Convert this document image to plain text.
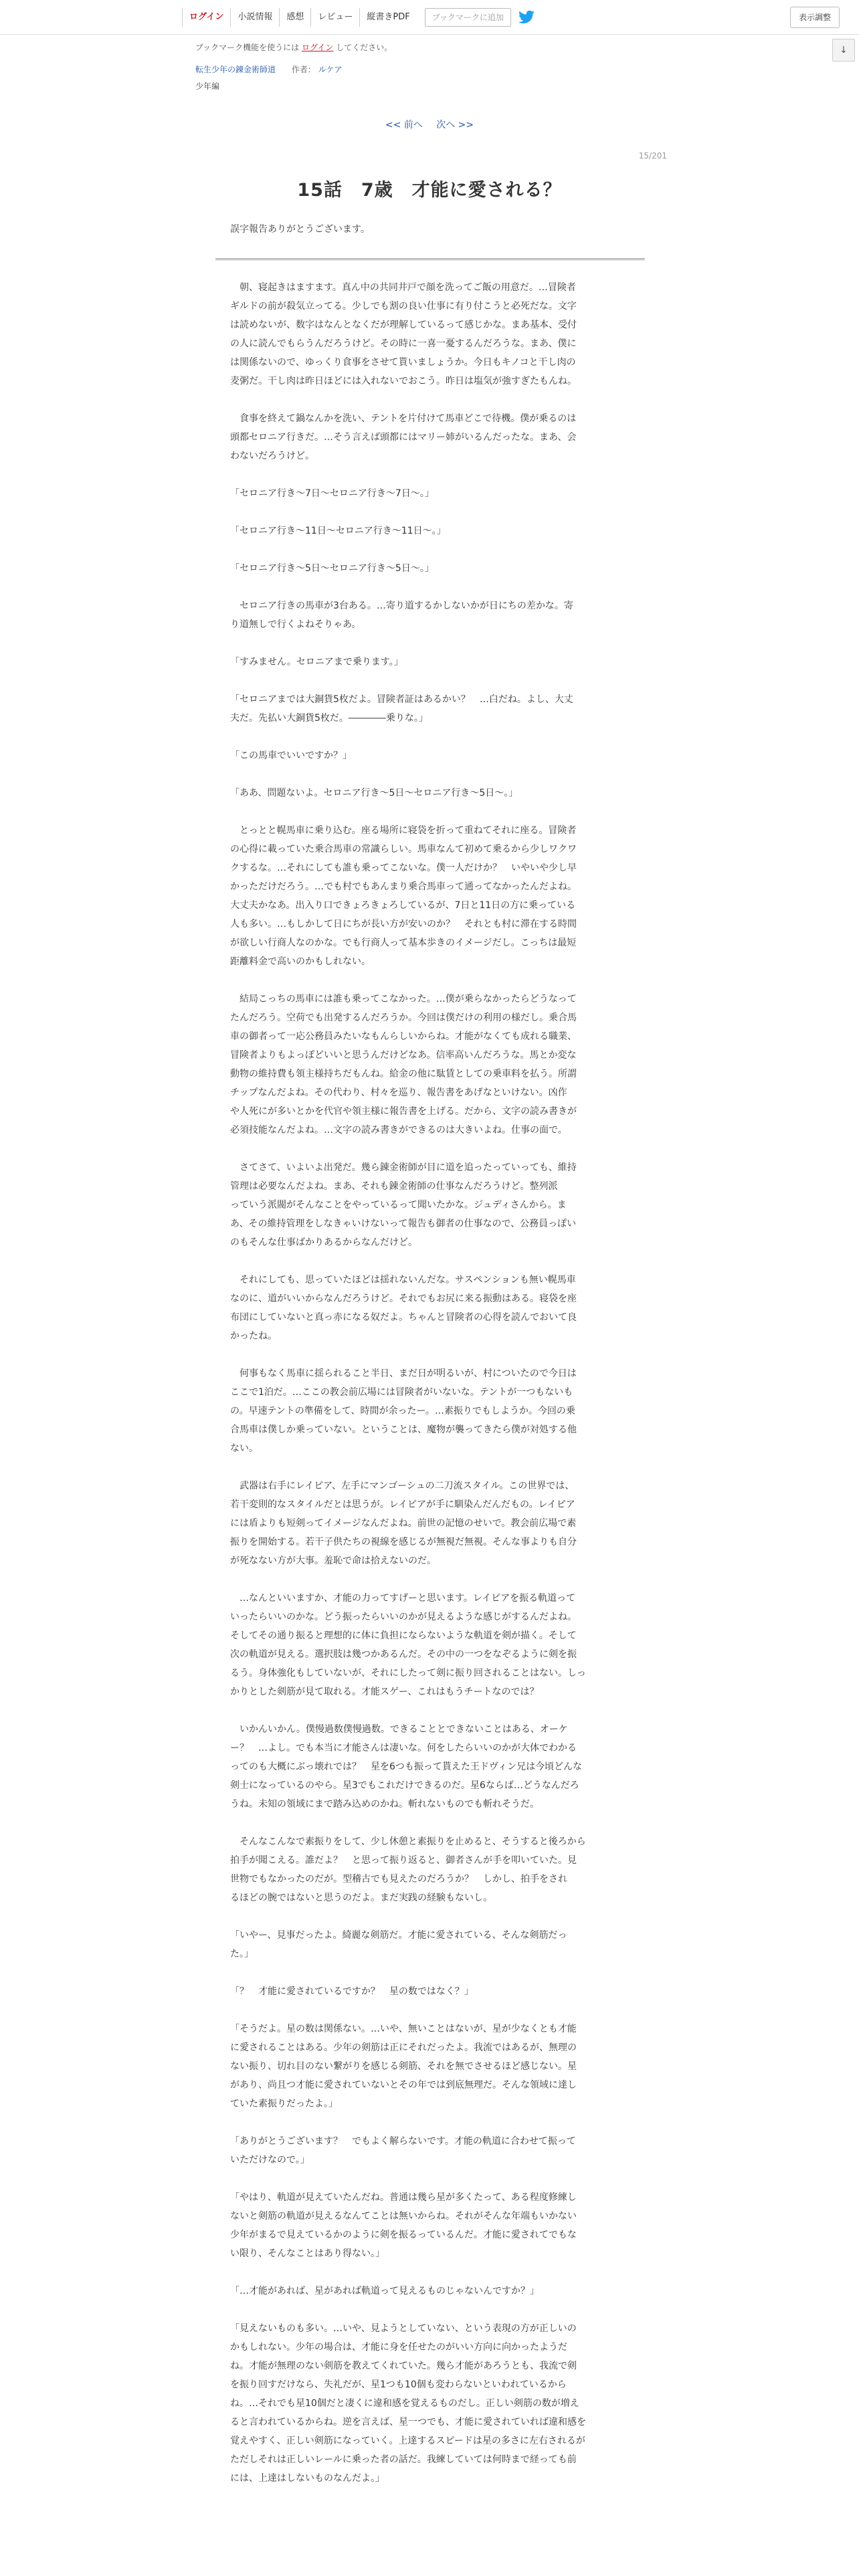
ログイン	小説情報	感想	レビュー	縦書きPDF	ブックマークに追加	表示調整
↓
ブックマーク機能を使うには ログイン してください。
転生少年の錬金術師道 作者： ルケア
少年編
<< 前へ 次へ >>
15/201
15話　7歳　才能に愛される？
誤字報告ありがとうございます。

　朝、寝起きはますます。真ん中の共同井戸で顔を洗ってご飯の用意だ。…冒険者

ギルドの前が殺気立ってる。少しでも割の良い仕事に有り付こうと必死だな。文字

は読めないが、数字はなんとなくだが理解しているって感じかな。まあ基本、受付

の人に読んでもらうんだろうけど。その時に一喜一憂するんだろうな。まあ、僕に

は関係ないので、ゆっくり食事をさせて貰いましょうか。今日もキノコと干し肉の

麦粥だ。干し肉は昨日ほどには入れないでおこう。昨日は塩気が強すぎたもんね。

　食事を終えて鍋なんかを洗い、テントを片付けて馬車どこで待機。僕が乗るのは

頭都セロニア行きだ。…そう言えば頭都にはマリー姉がいるんだったな。まあ、会

わないだろうけど。

「セロニア行き～7日～セロニア行き～7日～。」

「セロニア行き～11日～セロニア行き～11日～。」

「セロニア行き～5日～セロニア行き～5日～。」

　セロニア行きの馬車が3台ある。…寄り道するかしないかが日にちの差かな。寄

り道無しで行くよねそりゃあ。

「すみません。セロニアまで乗ります。」

「セロニアまでは大銅貨5枚だよ。冒険者証はあるかい？　…白だね。よし、大丈

夫だ。先払い大銅貨5枚だ。――――乗りな。」

「この馬車でいいですか？」

「ああ、問題ないよ。セロニア行き～5日～セロニア行き～5日～。」

　とっとと幌馬車に乗り込む。座る場所に寝袋を折って重ねてそれに座る。冒険者

の心得に載っていた乗合馬車の常識らしい。馬車なんて初めて乗るから少しワクワ

クするな。…それにしても誰も乗ってこないな。僕一人だけか？　いやいや少し早

かっただけだろう。…でも村でもあんまり乗合馬車って通ってなかったんだよね。

大丈夫かなあ。出入り口できょろきょろしているが、7日と11日の方に乗っている

人も多い。…もしかして日にちが長い方が安いのか？　それとも村に滞在する時間

が欲しい行商人なのかな。でも行商人って基本歩きのイメージだし。こっちは最短

距離料金で高いのかもしれない。

　結局こっちの馬車には誰も乗ってこなかった。…僕が乗らなかったらどうなって

たんだろう。空荷でも出発するんだろうか。今回は僕だけの利用の様だし。乗合馬

車の御者って一応公務員みたいなもんらしいからね。才能がなくても成れる職業、

冒険者よりもよっぽどいいと思うんだけどなあ。信率高いんだろうな。馬とか変な

動物の維持費も領主様持ちだもんね。給金の他に駄賃としての乗車料を払う。所謂

チップなんだよね。その代わり、村々を巡り、報告書をあげなといけない。凶作

や人死にが多いとかを代官や領主様に報告書を上げる。だから、文字の読み書きが

必須技能なんだよね。…文字の読み書きができるのは大きいよね。仕事の面で。

　さてさて、いよいよ出発だ。幾ら錬金術師が目に道を追ったっていっても、維持

管理は必要なんだよね。まあ、それも錬金術師の仕事なんだろうけど。整列派

っていう派閥がそんなことをやっているって聞いたかな。ジュディさんから。ま

あ、その維持管理をしなきゃいけないって報告も御者の仕事なので、公務員っぽい

のもそんな仕事ばかりあるからなんだけど。

　それにしても、思っていたほどは揺れないんだな。サスペンションも無い幌馬車

なのに、道がいいからなんだろうけど。それでもお尻に来る振動はある。寝袋を座

布団にしていないと真っ赤になる奴だよ。ちゃんと冒険者の心得を読んでおいて良

かったね。

　何事もなく馬車に揺られること半日、まだ日が明るいが、村についたので今日は

ここで1泊だ。…ここの教会前広場には冒険者がいないな。テントが一つもないも

の。早速テントの準備をして、時間が余ったー。…素振りでもしようか。今回の乗

合馬車は僕しか乗っていない。ということは、魔物が襲ってきたら僕が対処する他

ない。

　武器は右手にレイピア、左手にマンゴーシュの二刀流スタイル。この世界では、

若干変則的なスタイルだとは思うが。レイピアが手に馴染んだんだもの。レイピア

には盾よりも短剣ってイメージなんだよね。前世の記憶のせいで。教会前広場で素

振りを開始する。若干子供たちの視線を感じるが無視だ無視。そんな事よりも自分

が死なない方が大事。羞恥で命は拾えないのだ。

　…なんといいますか、才能の力ってすげーと思います。レイピアを振る軌道って

いったらいいのかな。どう振ったらいいのかが見えるような感じがするんだよね。

そしてその通り振ると理想的に体に負担にならないような軌道を剣が描く。そして

次の軌道が見える。選択肢は幾つかあるんだ。その中の一つをなぞるように剣を振

るう。身体強化もしていないが、それにしたって剣に振り回されることはない。しっ

かりとした剣筋が見て取れる。才能スゲー、これはもうチートなのでは？

　いかんいかん。僕慢過数僕慢過数。できることとできないことはある、オーケ

ー？　…よし。でも本当に才能さんは凄いな。何をしたらいいのかが大体でわかる

ってのも大概にぶっ壊れでは？　星を6つも振って貰えた王ドヴィン兄は今頃どんな

剣士になっているのやら。星3でもこれだけできるのだ。星6ならば…どうなんだろ

うね。未知の領域にまで踏み込めのかね。斬れないものでも斬れそうだ。

　そんなこんなで素振りをして、少し休憩と素振りを止めると、そうすると後ろから

拍手が聞こえる。誰だよ？　と思って振り返ると、御者さんが手を叩いていた。見

世物でもなかったのだが。型稽古でも見えたのだろうか？　しかし、拍手をされ

るほどの腕ではないと思うのだよ。まだ実践の経験もないし。

「いやー、見事だったよ。綺麗な剣筋だ。才能に愛されている、そんな剣筋だっ

た。」

「？　才能に愛されているですか？　星の数ではなく？」

「そうだよ。星の数は関係ない。…いや、無いことはないが、星が少なくとも才能

に愛されることはある。少年の剣筋は正にそれだったよ。我流ではあるが、無理の

ない振り、切れ目のない繋がりを感じる剣筋、それを無でさせるほど感じない。星

があり、尚且つ才能に愛されていないとその年では到底無理だ。そんな領域に達し

ていた素振りだったよ。」

「ありがとうございます？　でもよく解らないです。才能の軌道に合わせて振って

いただけなので。」

「やはり、軌道が見えていたんだね。普通は幾ら星が多くたって、ある程度修練し

ないと剣筋の軌道が見えるなんてことは無いからね。それがそんな年端もいかない

少年がまるで見えているかのように剣を振るっているんだ。才能に愛されてでもな

い限り、そんなことはあり得ない。」

「…才能があれば、星があれば軌道って見えるものじゃないんですか？」

「見えないものも多い。…いや、見ようとしていない、という表現の方が正しいの

かもしれない。少年の場合は、才能に身を任せたのがいい方向に向かったようだ

ね。才能が無理のない剣筋を教えてくれていた。幾ら才能があろうとも、我流で剣

を振り回すだけなら、失礼だが、星1つも10個も変わらないといわれているから

ね。…それでも星10個だと凄くに違和感を覚えるものだし。正しい剣筋の数が増え

ると言われているからね。逆を言えば、星一つでも、才能に愛されていれば違和感を

覚えやすく、正しい剣筋になっていく。上達するスピードは星の多さに左右されるが

ただしそれは正しいレールに乗った者の話だ。我練していては何時まで経っても前

には、上達はしないものなんだよ。」
